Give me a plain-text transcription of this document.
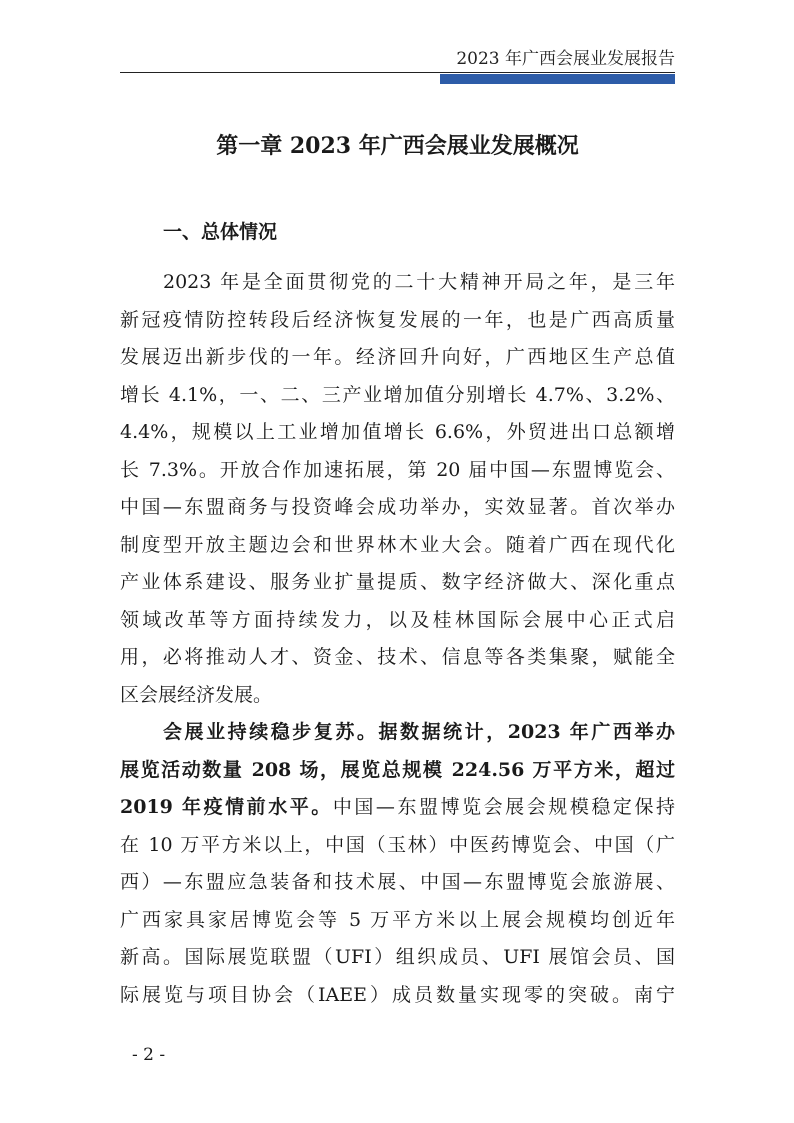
2023 年广西会展业发展报告
第一章 2023 年广西会展业发展概况
一、总体情况
2023 年是全面贯彻党的二十大精神开局之年，是三年
新冠疫情防控转段后经济恢复发展的一年，也是广西高质量
发展迈出新步伐的一年。经济回升向好，广西地区生产总值
增长 4.1%，一、二、三产业增加值分别增长 4.7%、3.2%、
4.4%，规模以上工业增加值增长 6.6%，外贸进出口总额增
长 7.3%。开放合作加速拓展，第 20 届中国—东盟博览会、
中国—东盟商务与投资峰会成功举办，实效显著。首次举办
制度型开放主题边会和世界林木业大会。随着广西在现代化
产业体系建设、服务业扩量提质、数字经济做大、深化重点
领域改革等方面持续发力，以及桂林国际会展中心正式启
用，必将推动人才、资金、技术、信息等各类集聚，赋能全
区会展经济发展。
会展业持续稳步复苏。据数据统计，2023 年广西举办
展览活动数量 208 场，展览总规模 224.56 万平方米，超过
2019 年疫情前水平。中国—东盟博览会展会规模稳定保持
在 10 万平方米以上，中国（玉林）中医药博览会、中国（广
西）—东盟应急装备和技术展、中国—东盟博览会旅游展、
广西家具家居博览会等 5 万平方米以上展会规模均创近年
新高。国际展览联盟（UFI）组织成员、UFI 展馆会员、国
际展览与项目协会（IAEE）成员数量实现零的突破。南宁
- 2 -
